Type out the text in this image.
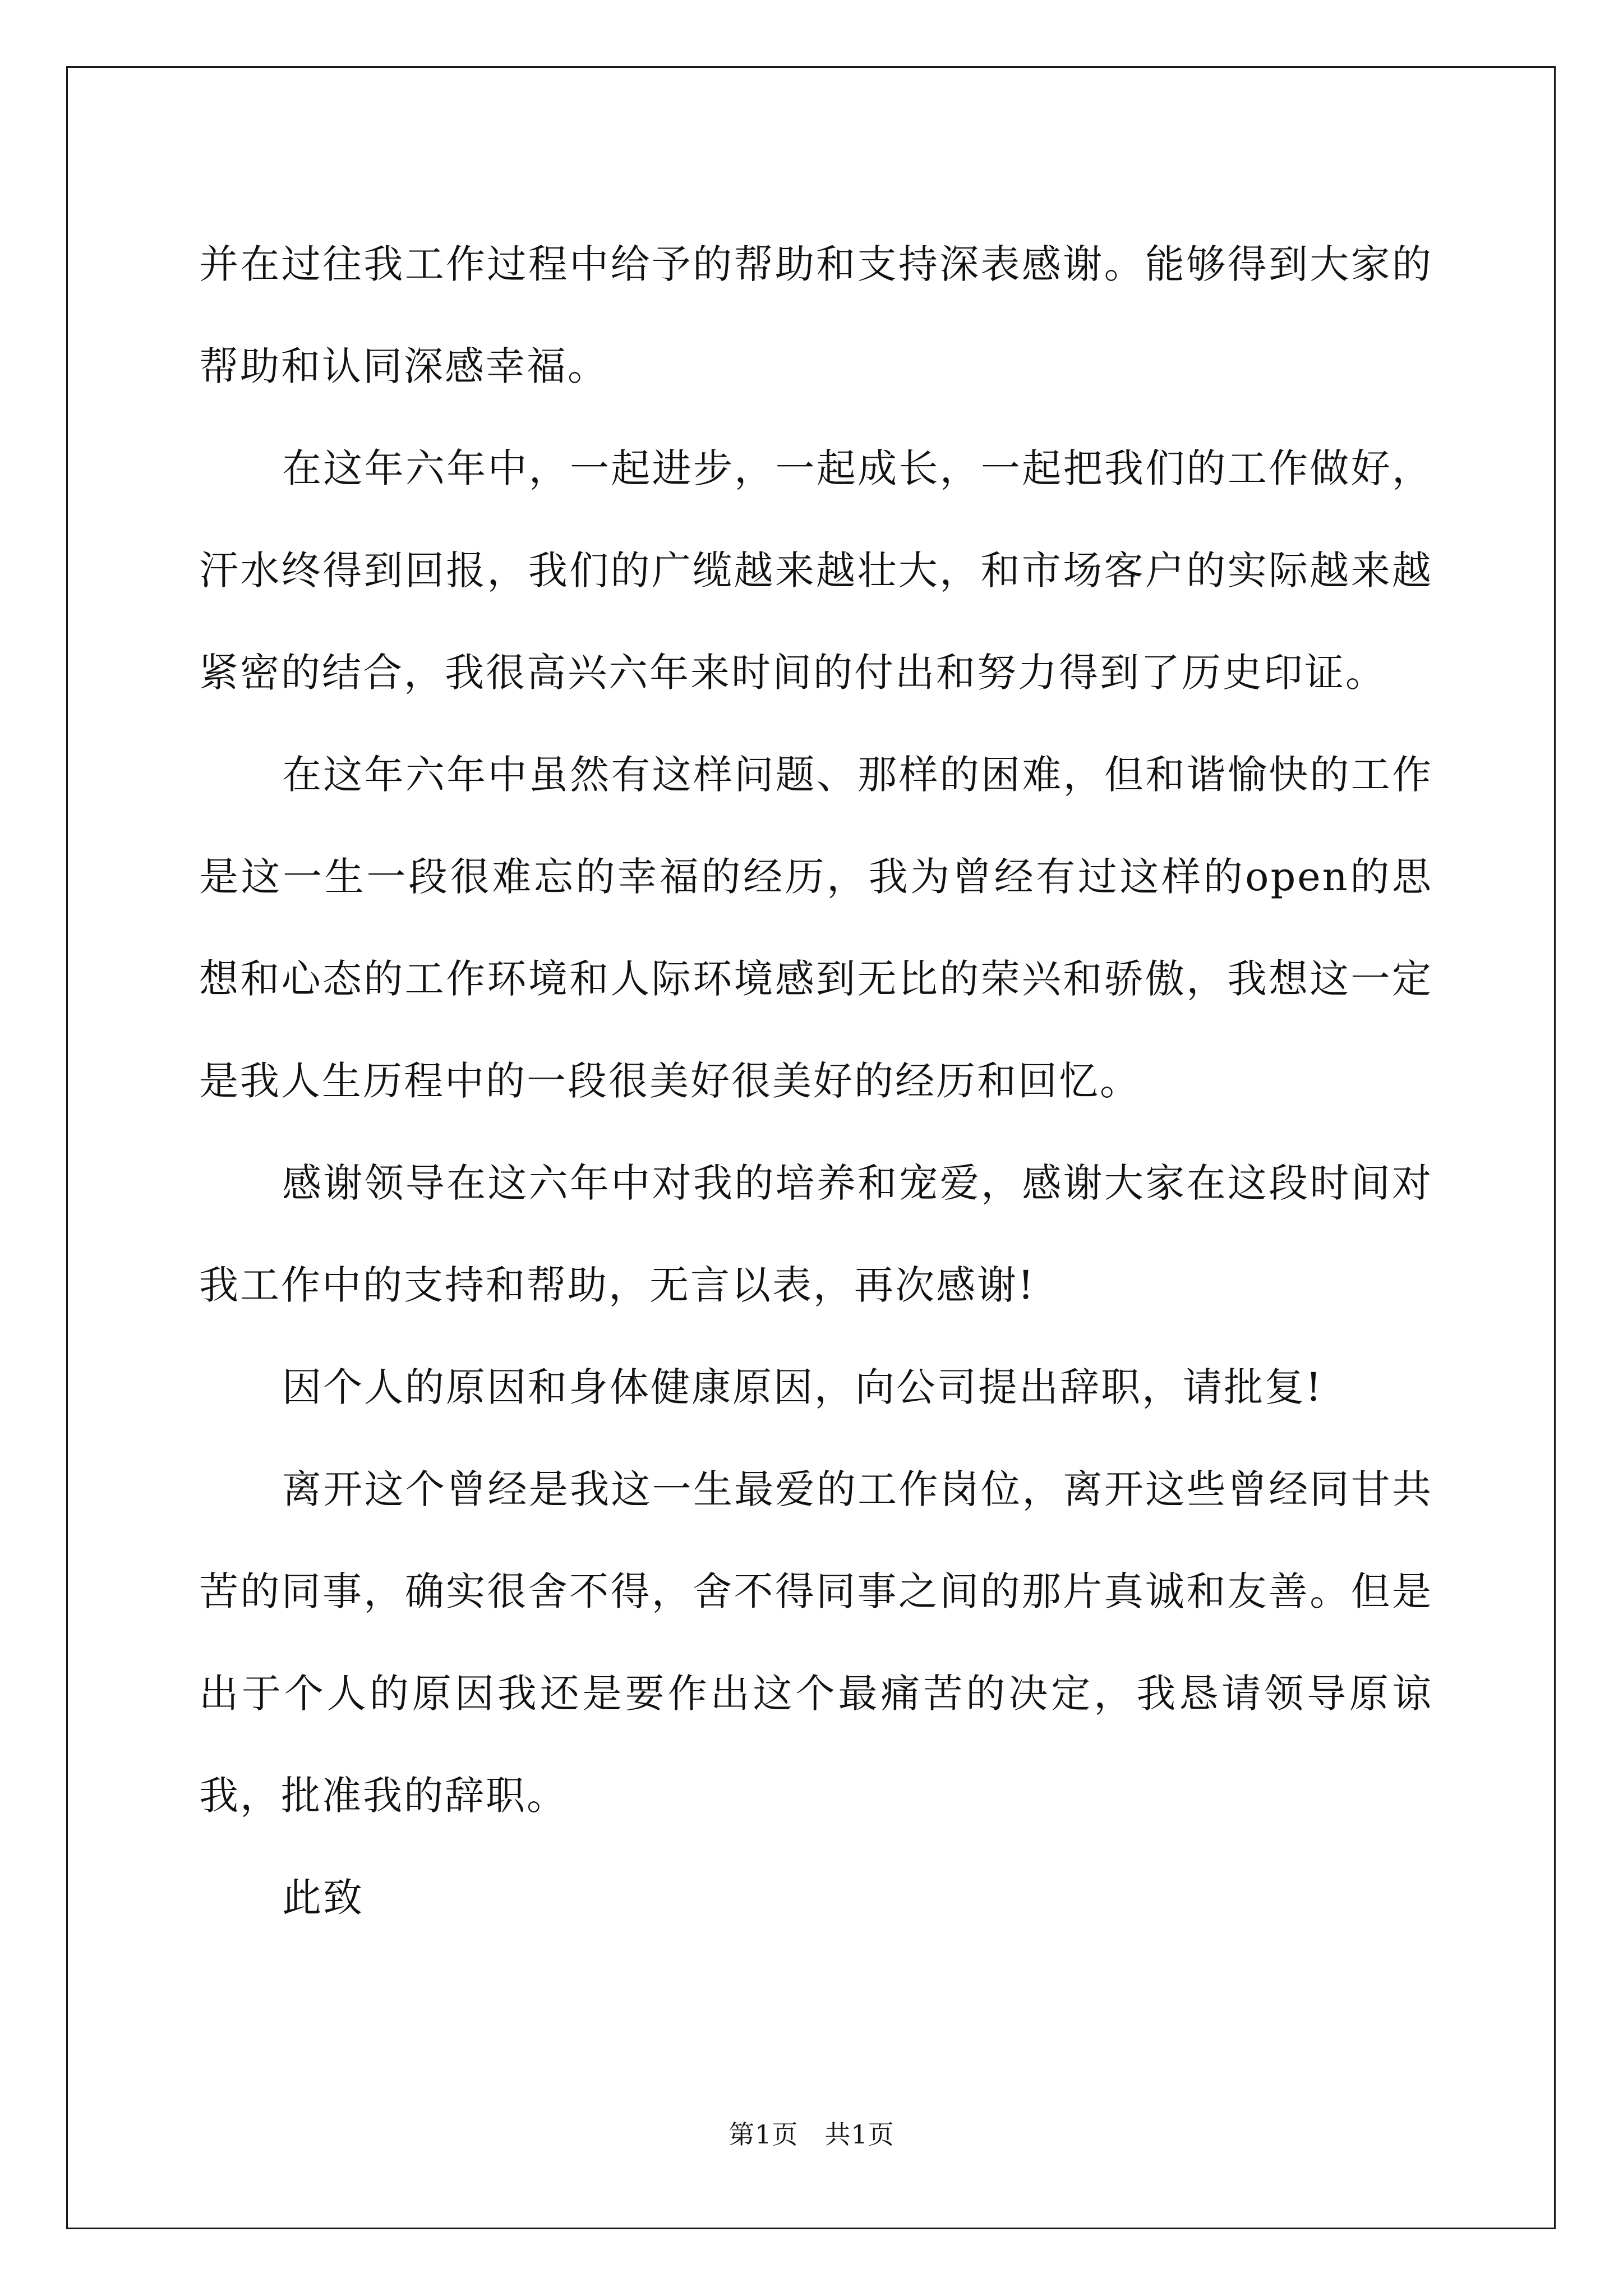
并在过往我工作过程中给予的帮助和支持深表感谢。能够得到大家的帮助和认同深感幸福。

在这年六年中，一起进步，一起成长，一起把我们的工作做好，汗水终得到回报，我们的广缆越来越壮大，和市场客户的实际越来越紧密的结合，我很高兴六年来时间的付出和努力得到了历史印证。

在这年六年中虽然有这样问题、那样的困难，但和谐愉快的工作是这一生一段很难忘的幸福的经历，我为曾经有过这样的open的思想和心态的工作环境和人际环境感到无比的荣兴和骄傲，我想这一定是我人生历程中的一段很美好很美好的经历和回忆。

感谢领导在这六年中对我的培养和宠爱，感谢大家在这段时间对我工作中的支持和帮助，无言以表，再次感谢!

因个人的原因和身体健康原因，向公司提出辞职，请批复!

离开这个曾经是我这一生最爱的工作岗位，离开这些曾经同甘共苦的同事，确实很舍不得，舍不得同事之间的那片真诚和友善。但是出于个人的原因我还是要作出这个最痛苦的决定，我恳请领导原谅我，批准我的辞职。

此致

第1页　共1页
